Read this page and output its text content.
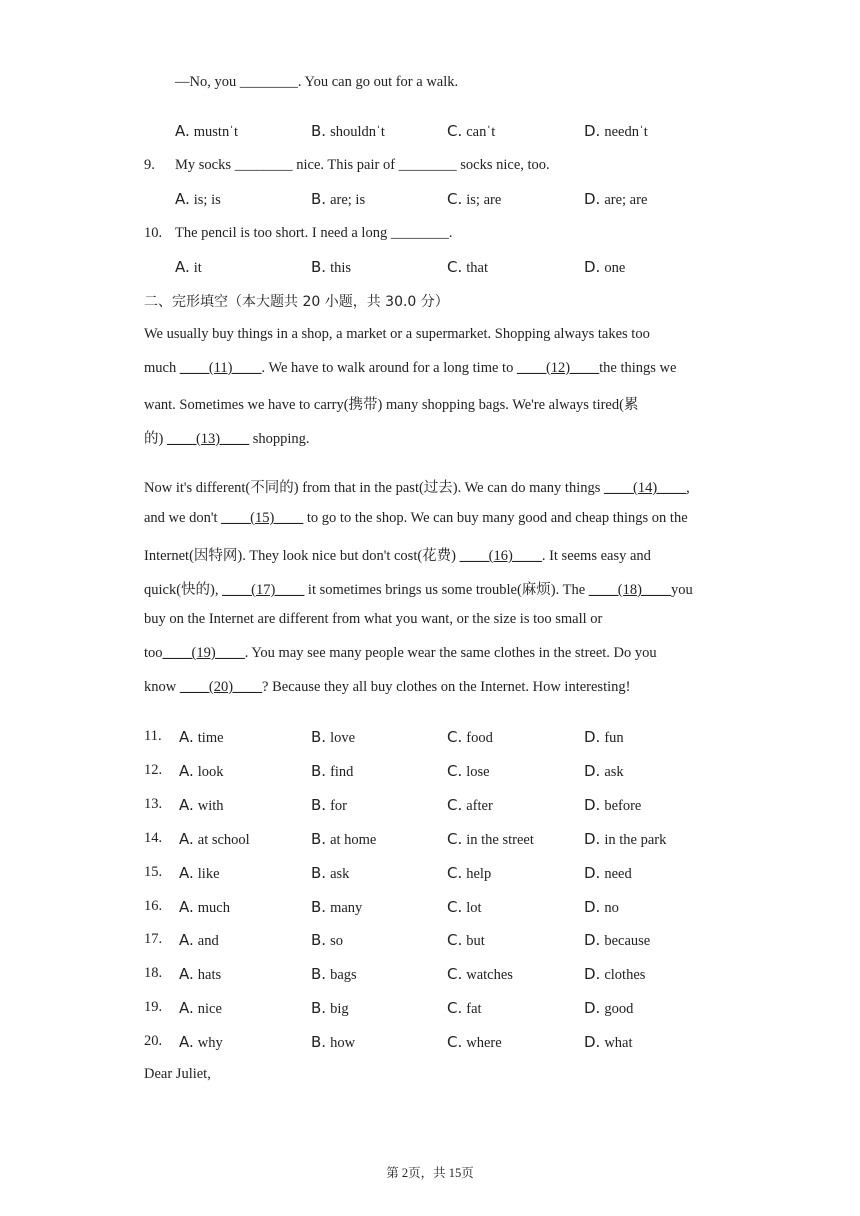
—No, you ________. You can go out for a walk.
A. mustnˈt	B. shouldnˈt	C. canˈt	D. neednˈt
9. My socks ________ nice. This pair of ________ socks nice, too.
A. is; is	B. are; is	C. is; are	D. are; are
10. The pencil is too short. I need a long ________.
A. it	B. this	C. that	D. one
二、完形填空（本大题共 20 小题，共 30.0 分）
We usually buy things in a shop, a market or a supermarket. Shopping always takes too
much ____(11)____. We have to walk around for a long time to ____(12)____the things we
want. Sometimes we have to carry(携带) many shopping bags. We're always tired(累
的) ____(13)____ shopping.
Now it's different(不同的) from that in the past(过去). We can do many things ____(14)____,
and we don't ____(15)____ to go to the shop. We can buy many good and cheap things on the
Internet(因特网). They look nice but don't cost(花费) ____(16)____. It seems easy and
quick(快的), ____(17)____ it sometimes brings us some trouble(麻烦). The ____(18)____you
buy on the Internet are different from what you want, or the size is too small or
too____(19)____. You may see many people wear the same clothes in the street. Do you
know ____(20)____? Because they all buy clothes on the Internet. How interesting!
11. A. time	B. love	C. food	D. fun
12. A. look	B. find	C. lose	D. ask
13. A. with	B. for	C. after	D. before
14. A. at school	B. at home	C. in the street	D. in the park
15. A. like	B. ask	C. help	D. need
16. A. much	B. many	C. lot	D. no
17. A. and	B. so	C. but	D. because
18. A. hats	B. bags	C. watches	D. clothes
19. A. nice	B. big	C. fat	D. good
20. A. why	B. how	C. where	D. what
Dear Juliet,
第 2页，共 15页
